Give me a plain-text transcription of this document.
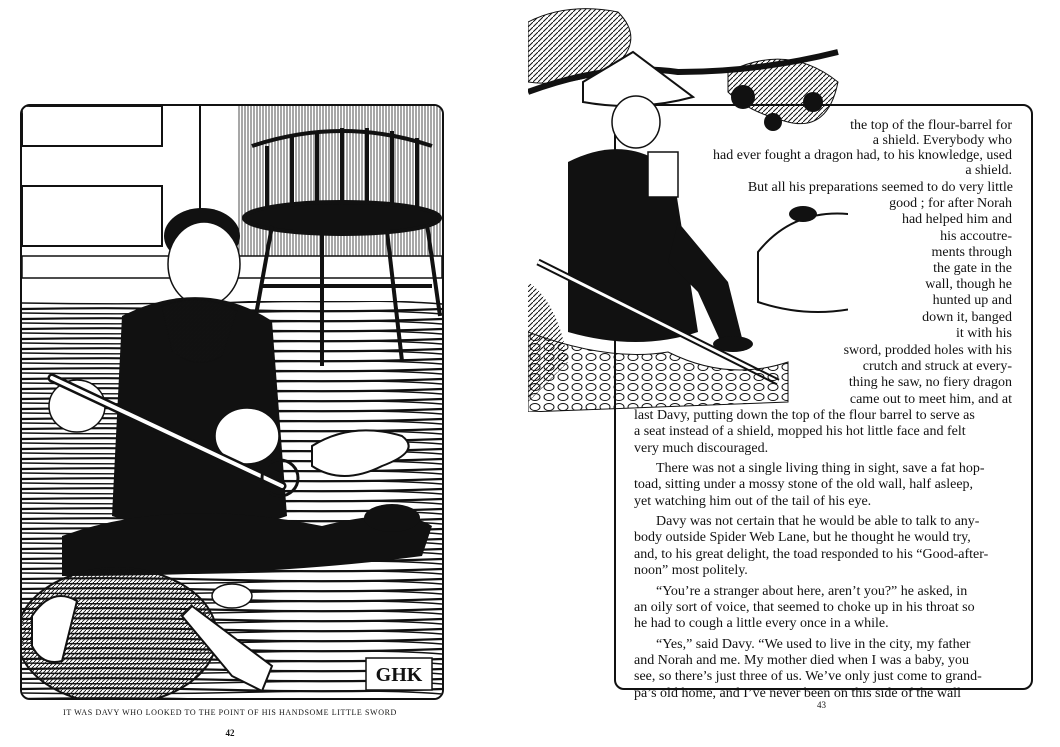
GHK
IT WAS DAVY WHO LOOKED TO THE POINT OF HIS HANDSOME LITTLE SWORD
42
the top of the flour-barrel for
a shield. Everybody who
had ever fought a dragon had, to his knowledge, used
a shield.
But all his preparations seemed to do very little
good ; for after Norah
had helped him and
his accoutre-
ments through
the gate in the
wall, though he
hunted up and
down it, banged
it with his
sword, prodded holes with his
crutch and struck at every-
thing he saw, no fiery dragon
came out to meet him, and at
last Davy, putting down the top of the flour barrel to serve as
a seat instead of a shield, mopped his hot little face and felt
very much discouraged.
There was not a single living thing in sight, save a fat hop-
toad, sitting under a mossy stone of the old wall, half asleep,
yet watching him out of the tail of his eye.
Davy was not certain that he would be able to talk to any-
body outside Spider Web Lane, but he thought he would try,
and, to his great delight, the toad responded to his “Good-after-
noon” most politely.
“You’re a stranger about here, aren’t you?” he asked, in
an oily sort of voice, that seemed to choke up in his throat so
he had to cough a little every once in a while.
“Yes,” said Davy. “We used to live in the city, my father
and Norah and me. My mother died when I was a baby, you
see, so there’s just three of us. We’ve only just come to grand-
pa’s old home, and I’ve never been on this side of the wall
43
